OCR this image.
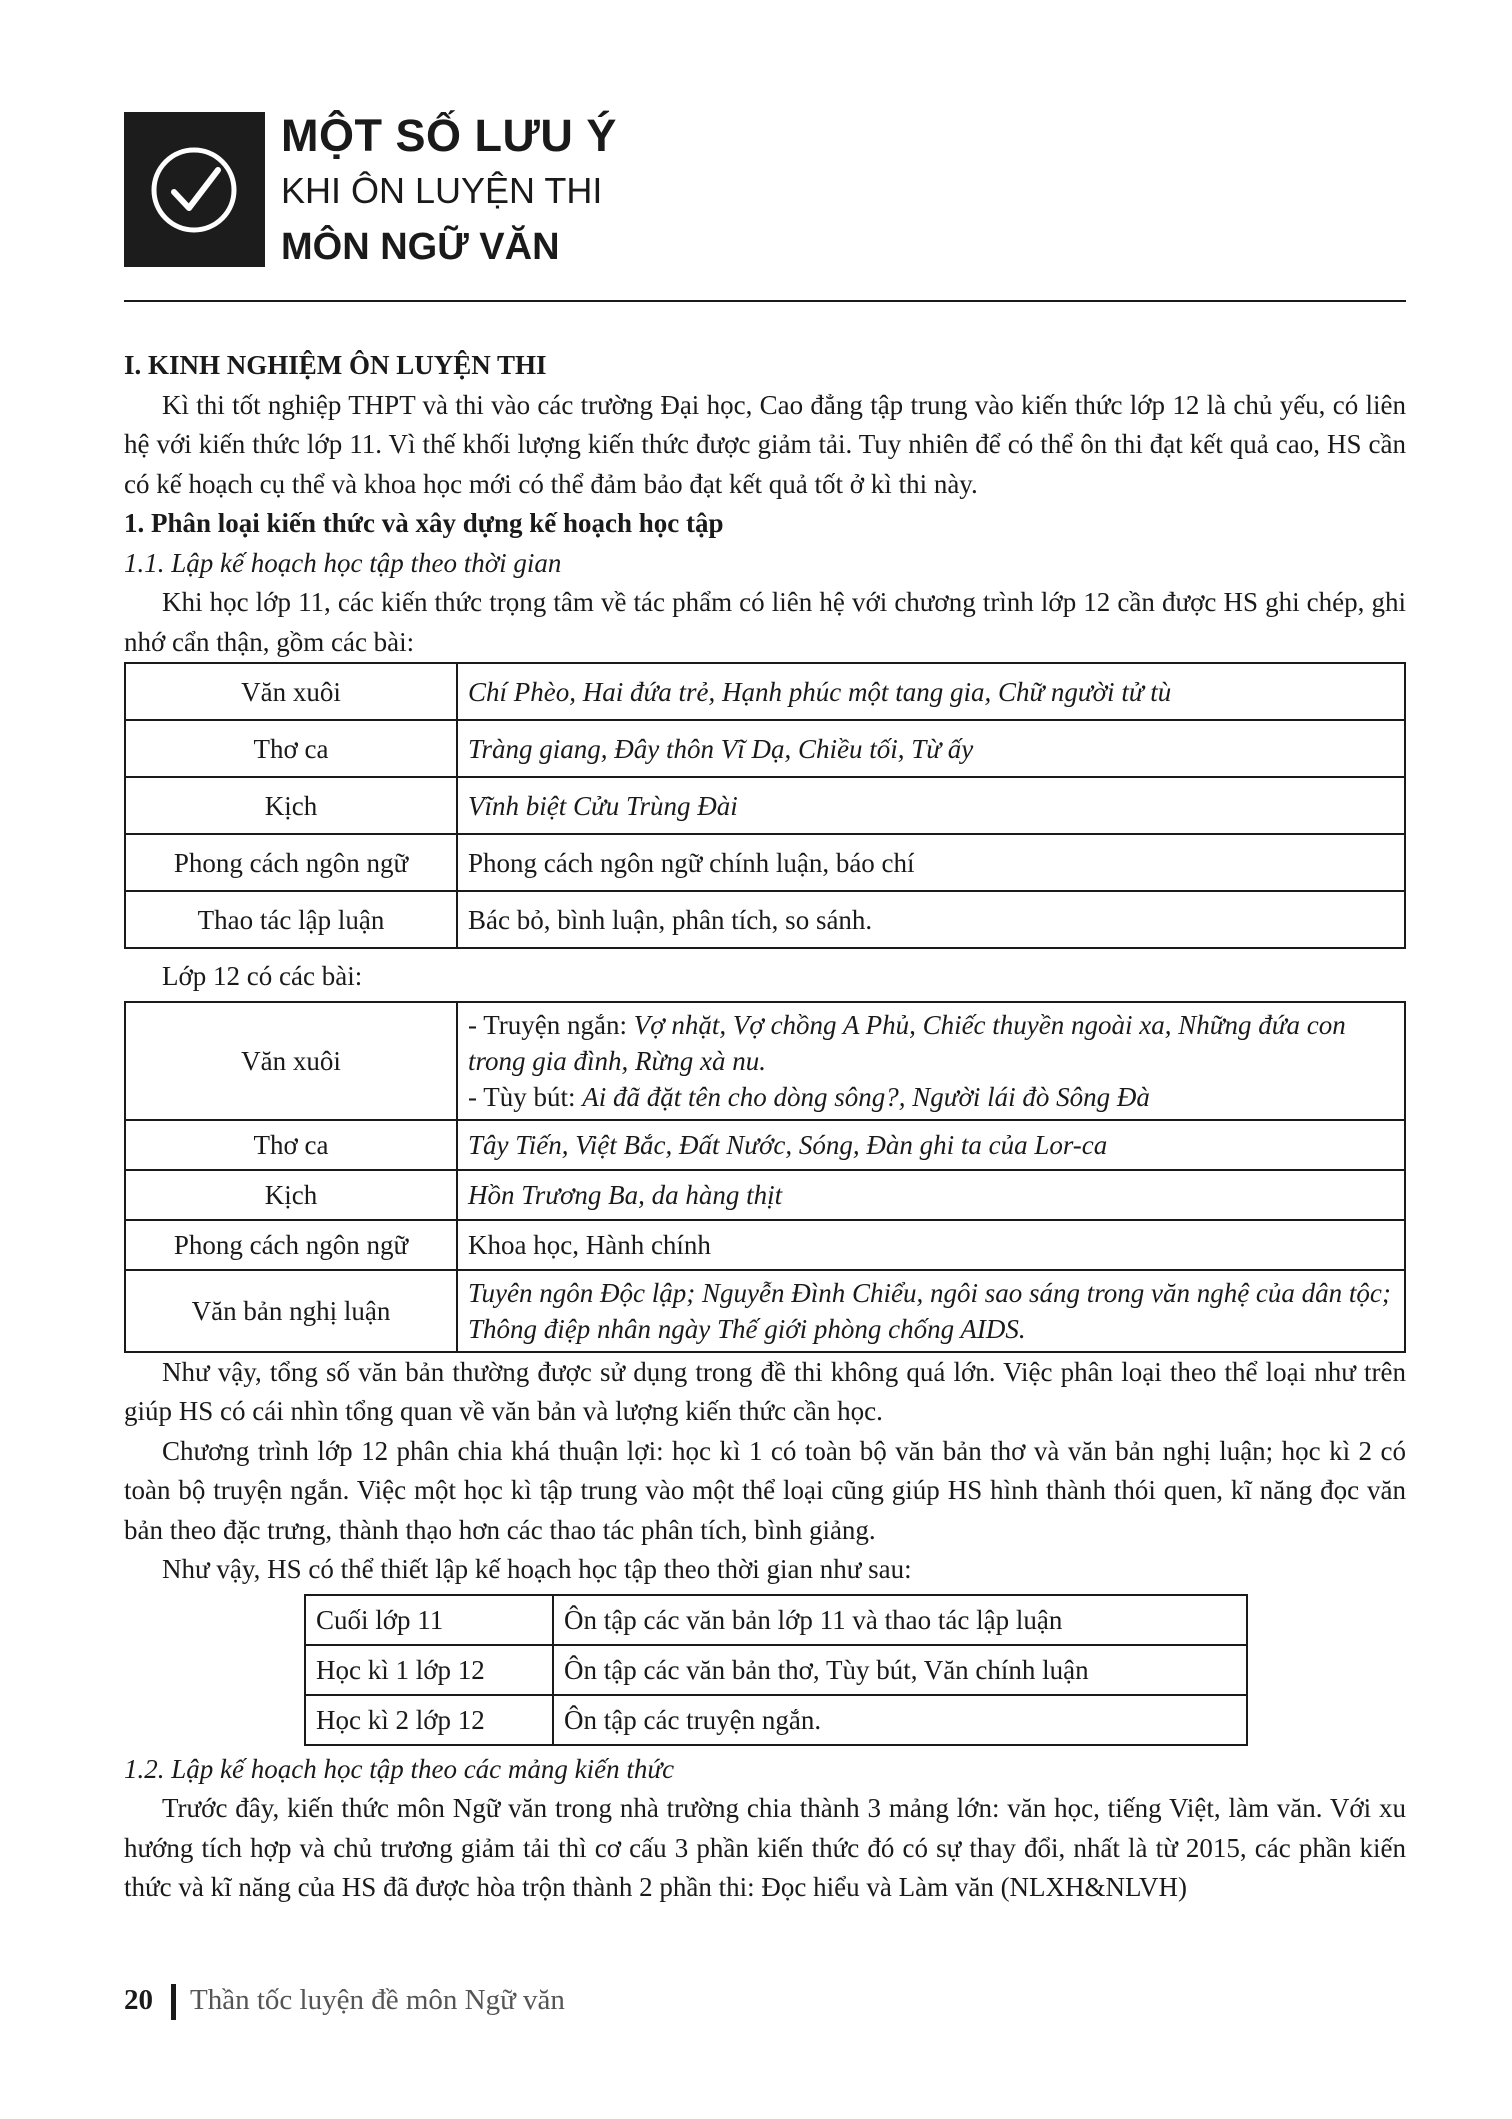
MỘT SỐ LƯU Ý
KHI ÔN LUYỆN THI
MÔN NGỮ VĂN

I. KINH NGHIỆM ÔN LUYỆN THI

Kì thi tốt nghiệp THPT và thi vào các trường Đại học, Cao đẳng tập trung vào kiến thức lớp 12 là chủ yếu, có liên hệ với kiến thức lớp 11. Vì thế khối lượng kiến thức được giảm tải. Tuy nhiên để có thể ôn thi đạt kết quả cao, HS cần có kế hoạch cụ thể và khoa học mới có thể đảm bảo đạt kết quả tốt ở kì thi này.

1. Phân loại kiến thức và xây dựng kế hoạch học tập

1.1. Lập kế hoạch học tập theo thời gian

Khi học lớp 11, các kiến thức trọng tâm về tác phẩm có liên hệ với chương trình lớp 12 cần được HS ghi chép, ghi nhớ cẩn thận, gồm các bài:

Văn xuôi	Chí Phèo, Hai đứa trẻ, Hạnh phúc một tang gia, Chữ người tử tù
Thơ ca	Tràng giang, Đây thôn Vĩ Dạ, Chiều tối, Từ ấy
Kịch	Vĩnh biệt Cửu Trùng Đài
Phong cách ngôn ngữ	Phong cách ngôn ngữ chính luận, báo chí
Thao tác lập luận	Bác bỏ, bình luận, phân tích, so sánh.

Lớp 12 có các bài:

Văn xuôi	- Truyện ngắn: Vợ nhặt, Vợ chồng A Phủ, Chiếc thuyền ngoài xa, Những đứa con trong gia đình, Rừng xà nu.
- Tùy bút: Ai đã đặt tên cho dòng sông?, Người lái đò Sông Đà
Thơ ca	Tây Tiến, Việt Bắc, Đất Nước, Sóng, Đàn ghi ta của Lor-ca
Kịch	Hồn Trương Ba, da hàng thịt
Phong cách ngôn ngữ	Khoa học, Hành chính
Văn bản nghị luận	Tuyên ngôn Độc lập; Nguyễn Đình Chiểu, ngôi sao sáng trong văn nghệ của dân tộc; Thông điệp nhân ngày Thế giới phòng chống AIDS.

Như vậy, tổng số văn bản thường được sử dụng trong đề thi không quá lớn. Việc phân loại theo thể loại như trên giúp HS có cái nhìn tổng quan về văn bản và lượng kiến thức cần học.

Chương trình lớp 12 phân chia khá thuận lợi: học kì 1 có toàn bộ văn bản thơ và văn bản nghị luận; học kì 2 có toàn bộ truyện ngắn. Việc một học kì tập trung vào một thể loại cũng giúp HS hình thành thói quen, kĩ năng đọc văn bản theo đặc trưng, thành thạo hơn các thao tác phân tích, bình giảng.

Như vậy, HS có thể thiết lập kế hoạch học tập theo thời gian như sau:

Cuối lớp 11	Ôn tập các văn bản lớp 11 và thao tác lập luận
Học kì 1 lớp 12	Ôn tập các văn bản thơ, Tùy bút, Văn chính luận
Học kì 2 lớp 12	Ôn tập các truyện ngắn.

1.2. Lập kế hoạch học tập theo các mảng kiến thức

Trước đây, kiến thức môn Ngữ văn trong nhà trường chia thành 3 mảng lớn: văn học, tiếng Việt, làm văn. Với xu hướng tích hợp và chủ trương giảm tải thì cơ cấu 3 phần kiến thức đó có sự thay đổi, nhất là từ 2015, các phần kiến thức và kĩ năng của HS đã được hòa trộn thành 2 phần thi: Đọc hiểu và Làm văn (NLXH&NLVH)

20 Thần tốc luyện đề môn Ngữ văn
